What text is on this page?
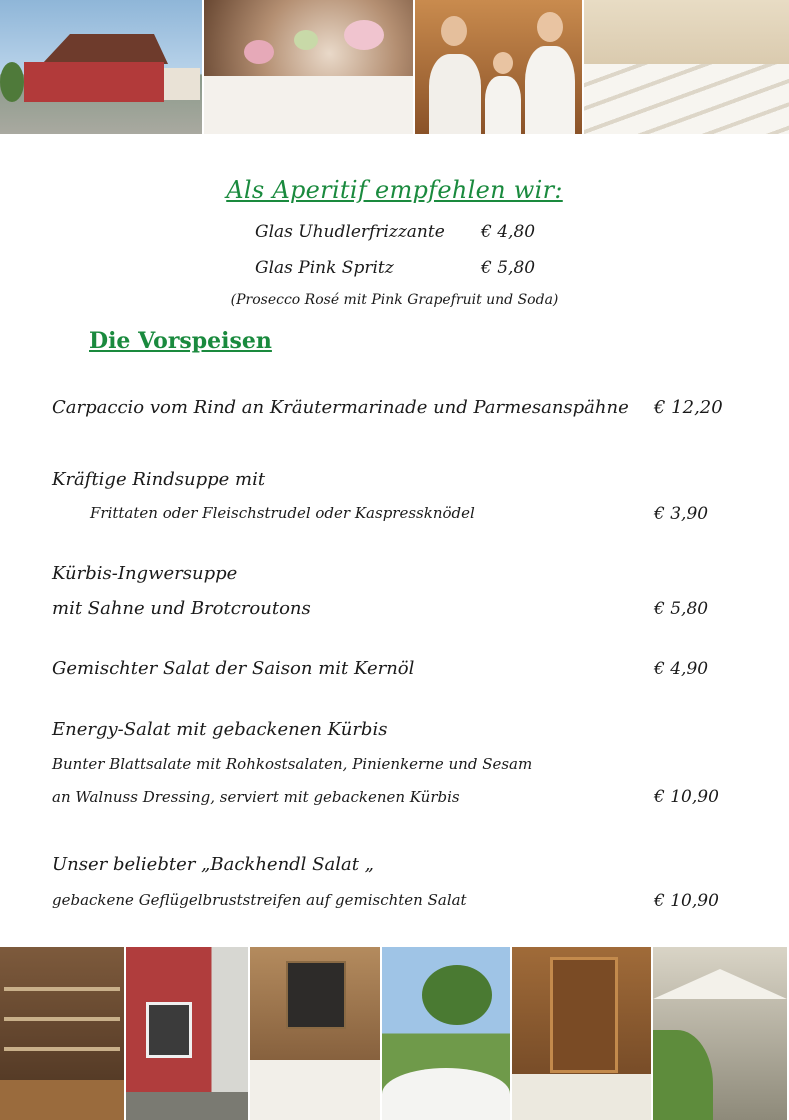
Als Aperitif empfehlen wir:
Glas Uhudlerfrizzante € 4,80
Glas Pink Spritz	€ 5,80
(Prosecco Rosé mit Pink Grapefruit und Soda)
Die Vorspeisen
Carpaccio vom Rind an Kräutermarinade und Parmesanspähne € 12,20
Kräftige Rindsuppe mit
Frittaten oder Fleischstrudel oder Kaspressknödel	€ 3,90
Kürbis-Ingwersuppe
mit Sahne und Brotcroutons	€ 5,80
Gemischter Salat der Saison mit Kernöl	€ 4,90
Energy-Salat mit gebackenen Kürbis
Bunter Blattsalate mit Rohkostsalaten, Pinienkerne und Sesam
an Walnuss Dressing, serviert mit gebackenen Kürbis	€ 10,90
Unser beliebter „Backhendl Salat „
gebackene Geflügelbruststreifen auf gemischten Salat	€ 10,90
